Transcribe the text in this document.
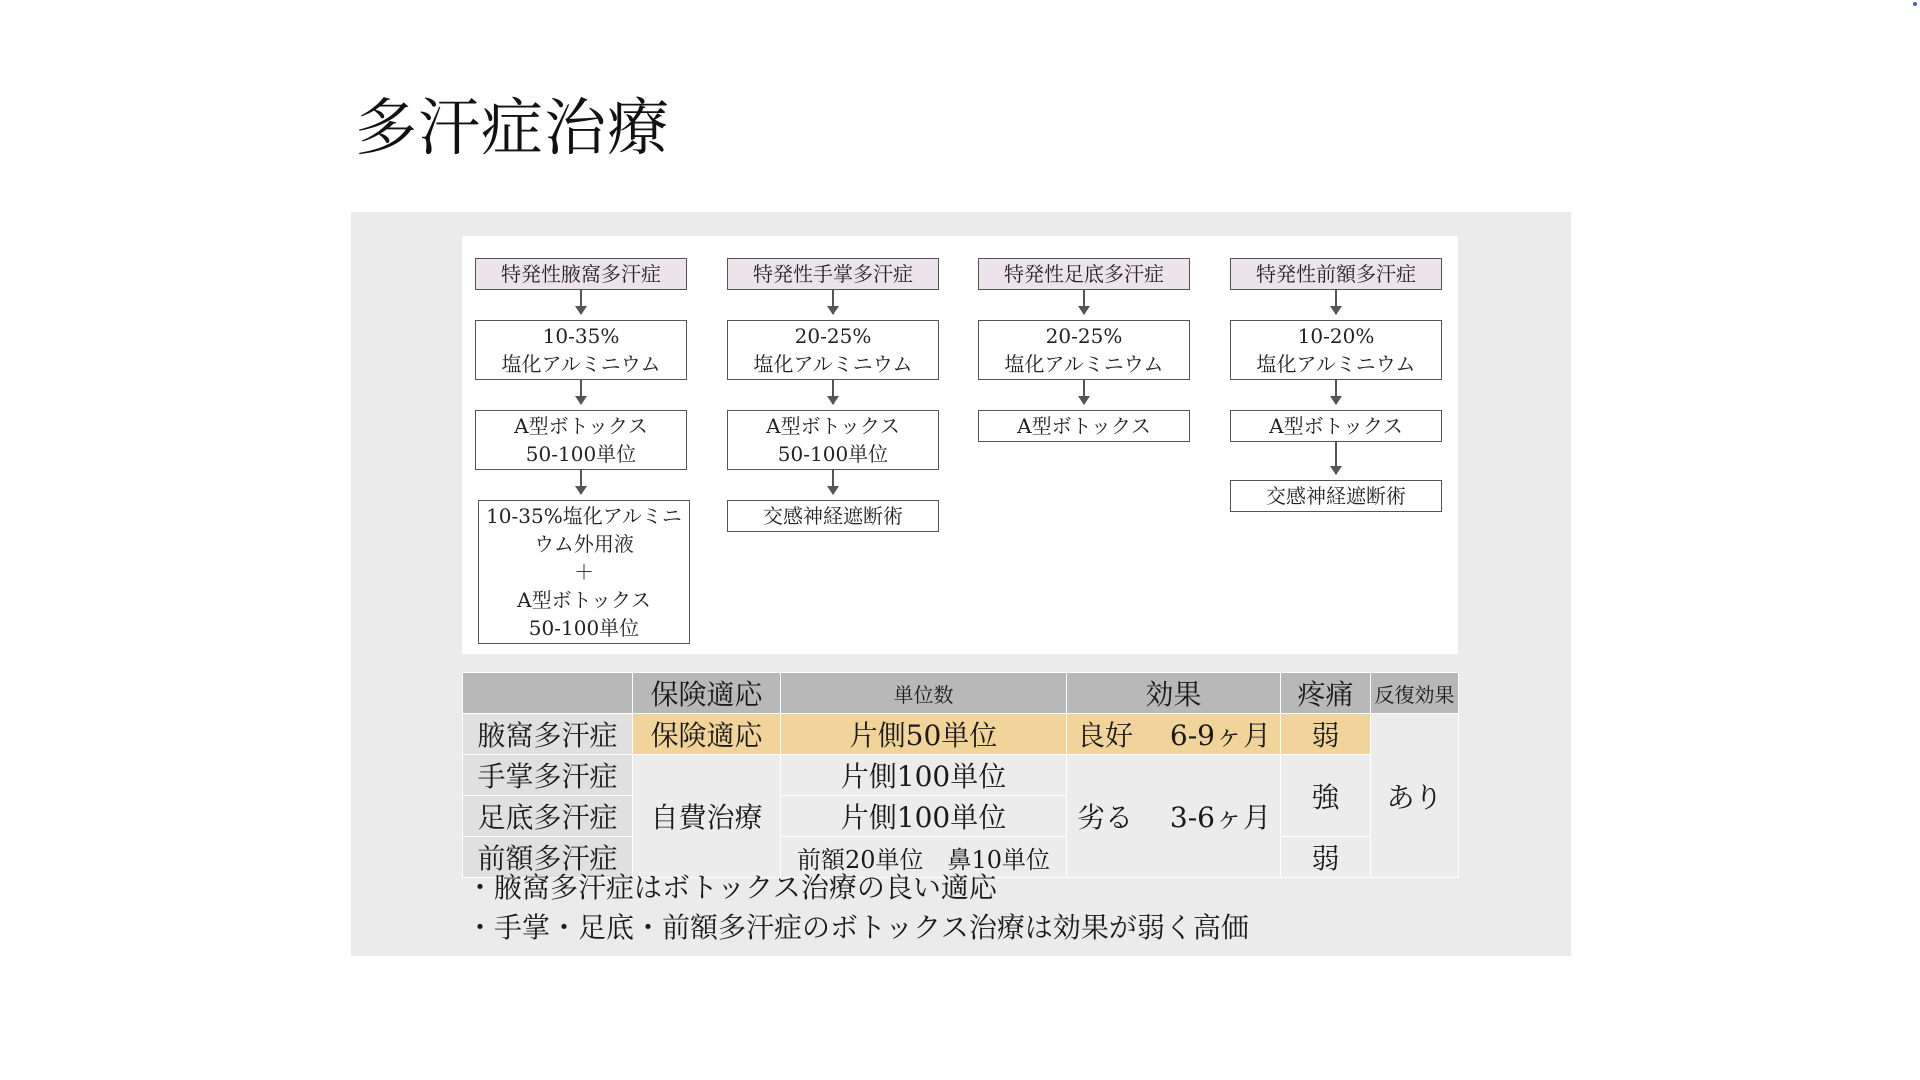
多汗症治療
特発性腋窩多汗症
10-35%
塩化アルミニウム
A型ボトックス
50-100単位
10-35%塩化アルミニ
ウム外用液
＋
A型ボトックス
50-100単位
特発性手掌多汗症
20-25%
塩化アルミニウム
A型ボトックス
50-100単位
交感神経遮断術
特発性足底多汗症
20-25%
塩化アルミニウム
A型ボトックス
特発性前額多汗症
10-20%
塩化アルミニウム
A型ボトックス
交感神経遮断術
	保険適応	単位数	効果	疼痛	反復効果
腋窩多汗症	保険適応	片側50単位	良好　 6-9ヶ月	弱	あり
手掌多汗症	自費治療	片側100単位	劣る　 3-6ヶ月	強	
足底多汗症		片側100単位			
前額多汗症		前額20単位　鼻10単位		弱	
・腋窩多汗症はボトックス治療の良い適応
・手掌・足底・前額多汗症のボトックス治療は効果が弱く高価
